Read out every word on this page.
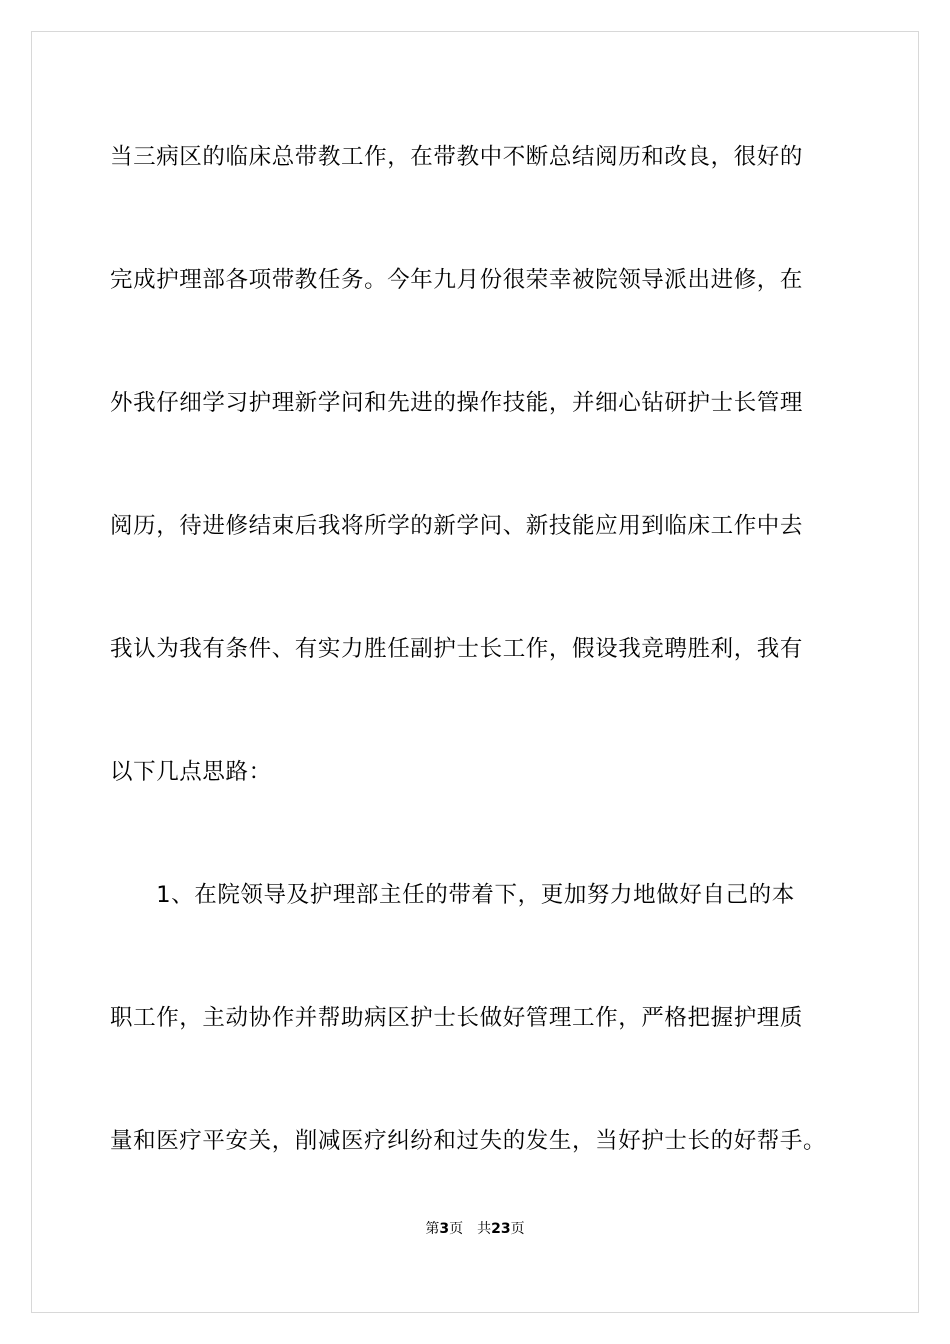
当三病区的临床总带教工作，在带教中不断总结阅历和改良，很好的

完成护理部各项带教任务。今年九月份很荣幸被院领导派出进修，在

外我仔细学习护理新学问和先进的操作技能，并细心钻研护士长管理

阅历，待进修结束后我将所学的新学问、新技能应用到临床工作中去

我认为我有条件、有实力胜任副护士长工作，假设我竞聘胜利，我有

以下几点思路：

　　1、在院领导及护理部主任的带着下，更加努力地做好自己的本

职工作，主动协作并帮助病区护士长做好管理工作，严格把握护理质

量和医疗平安关，削减医疗纠纷和过失的发生，当好护士长的好帮手。

第3页 共23页
